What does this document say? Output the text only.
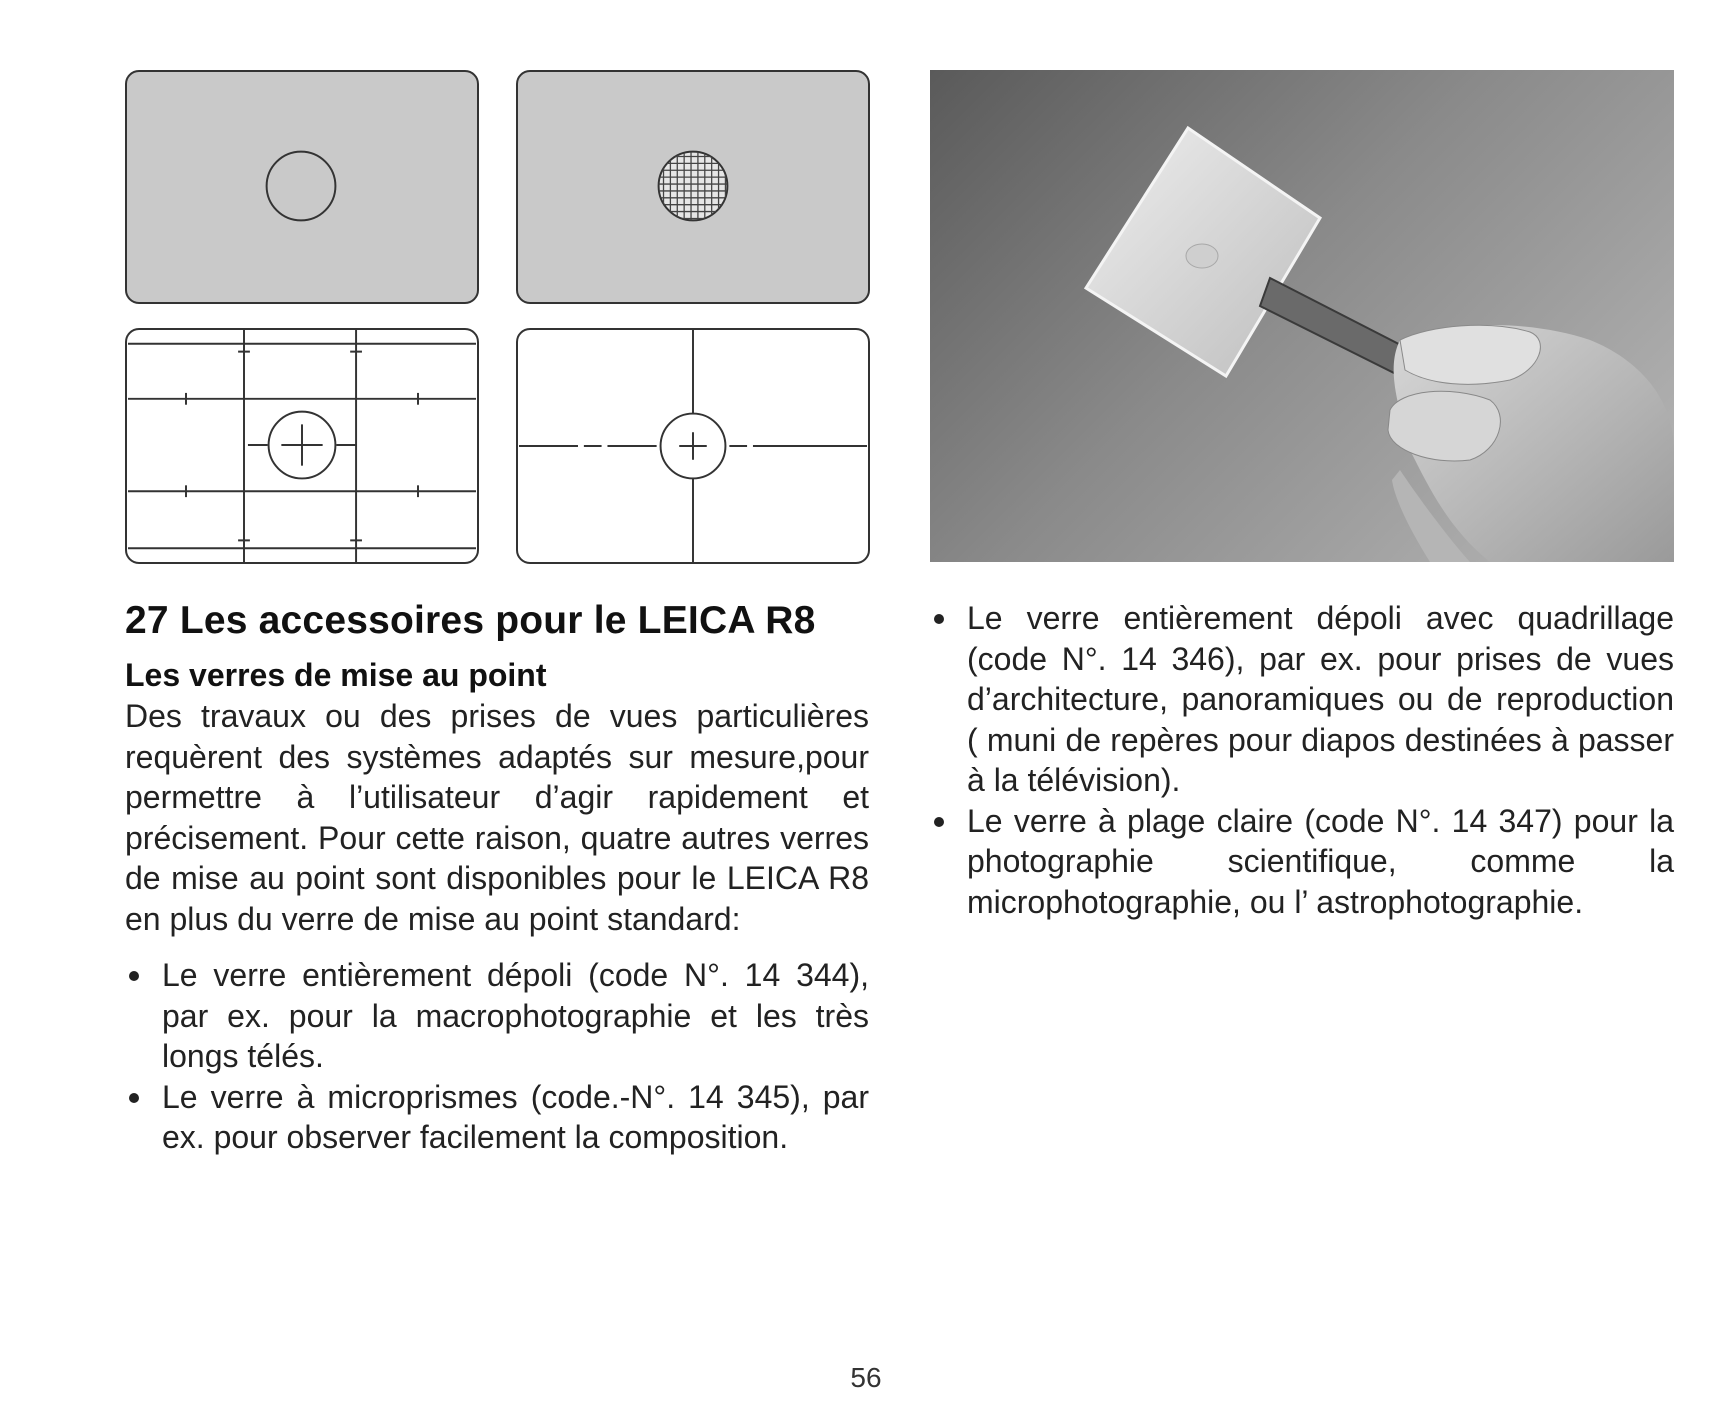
27 Les accessoires pour le LEICA R8
Les verres de mise au point

Des travaux ou des prises de vues particulières requèrent des systèmes adaptés sur mesure,pour permettre à l’utilisateur d’agir rapidement et précisement. Pour cette raison, quatre autres verres de mise au point sont disponibles pour le LEICA R8 en plus du verre de mise au point standard:

Le verre entièrement dépoli (code N°. 14 344), par ex. pour la macrophotographie et les très longs télés.
Le verre à microprismes (code.-N°. 14 345), par ex. pour observer facilement la composition.
Le verre entièrement dépoli avec quadrillage (code N°. 14 346), par ex. pour prises de vues d’architecture, panoramiques ou de reproduction ( muni de repères pour diapos destinées à passer à la télévision).
Le verre à plage claire (code N°. 14 347) pour la photographie scientifique, comme la microphotographie, ou l’ astrophotographie.
56
